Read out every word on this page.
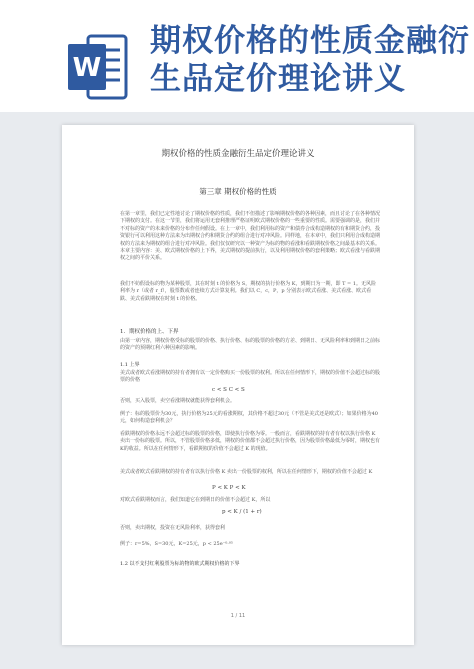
W
期权价格的性质金融衍生品定价理论讲义
期权价格的性质金融衍生品定价理论讲义
第三章 期权价格的性质
在第一章里，我们已定性地讨论了期权价格的性质，我们不但描述了影响期权价格的各种因素，而且讨论了在各种情况下期权的支付。在这一节里，我们将运用无套利推理严格证明欧式期权价格的一些重要的性质。需要强调的是，我们并不对标的资产的未来价格的分布作任何假设。在上一章中，我们利用标的资产和债券合成构造期权的有和期货合约，投资银行可以利用这种方法来为出期权合约和期货合约的组合进行对冲风险。同样地，在本章中，我们只利用合成构造期权的方法来为期权的组合进行对冲风险。我们仅仅研究以一种资产为标的物的看涨和看跌期权价格之间最基本的关系。本章主要内容：美、欧式期权价格的上下界，美式期权的提前执行，以及利用期权价格的套利策略；欧式看涨与看跌期权之间的平价关系。
我们不妨假设标的物为某种股票，其在时刻 t 的价格为 S，期权的执行价格为 K，到期日为一期，即 T = 1。无风险利率为 r（或者 r_f），股票数或者连续方式计算复利。我们以 C，c，P，p 分别表示欧式看涨、美式看涨、欧式看跌、美式看跌期权在时刻 t 的价格。
1．期权价格的上、下界
由第一章内容，期权价格受标的股票的价格、执行价格、标的股票的价格的方差、到期日、无风险利率和到期日之前标的资产的预期红利六种因素的影响。
1.1 上界
美式或者欧式看涨期权的持有者拥有以一定价格购买一份股票的权利。所以在任何情形下，期权的价值不会超过标的股票的价格
c < S C < S
否则，买入股票，卖空看涨期权就能获得套利机会。
例子：标的股票价为30元，执行价格为25元的看涨期权，其价格不超过30元（不管是美式还是欧式）；如果价格为40元，如何构造套利机会？
看跌期权的价格永远不会超过标的股票的价格，即使执行价格为零。一般而言，看跌期权的持有者有权以执行价格 K 卖出一份标的股票。所以，不管股票价格多低，期权的价值都不会超过执行价格，因为股票价格最低为零时，期权也有K的收益。所以在任何情形下，看跌期权的价值不会超过 K 的现值。
美式或者欧式看跌期权的持有者有以执行价格 K 卖出一份股票的权利，所以在任何情形下，期权的价值不会超过 K
P < K P < K
对欧式看跌期权而言，我们知道它在到期日的价值不会超过 K，所以
p < K / (1 + r)
否则，卖出期权，投资在无风险利率，获得套利
例子：r=5%，S=30元，K=25元，p < 25e⁻⁰·⁰⁵
1.2 以不支付红利股票为标的物的欧式期权价格的下界
1 / 11
